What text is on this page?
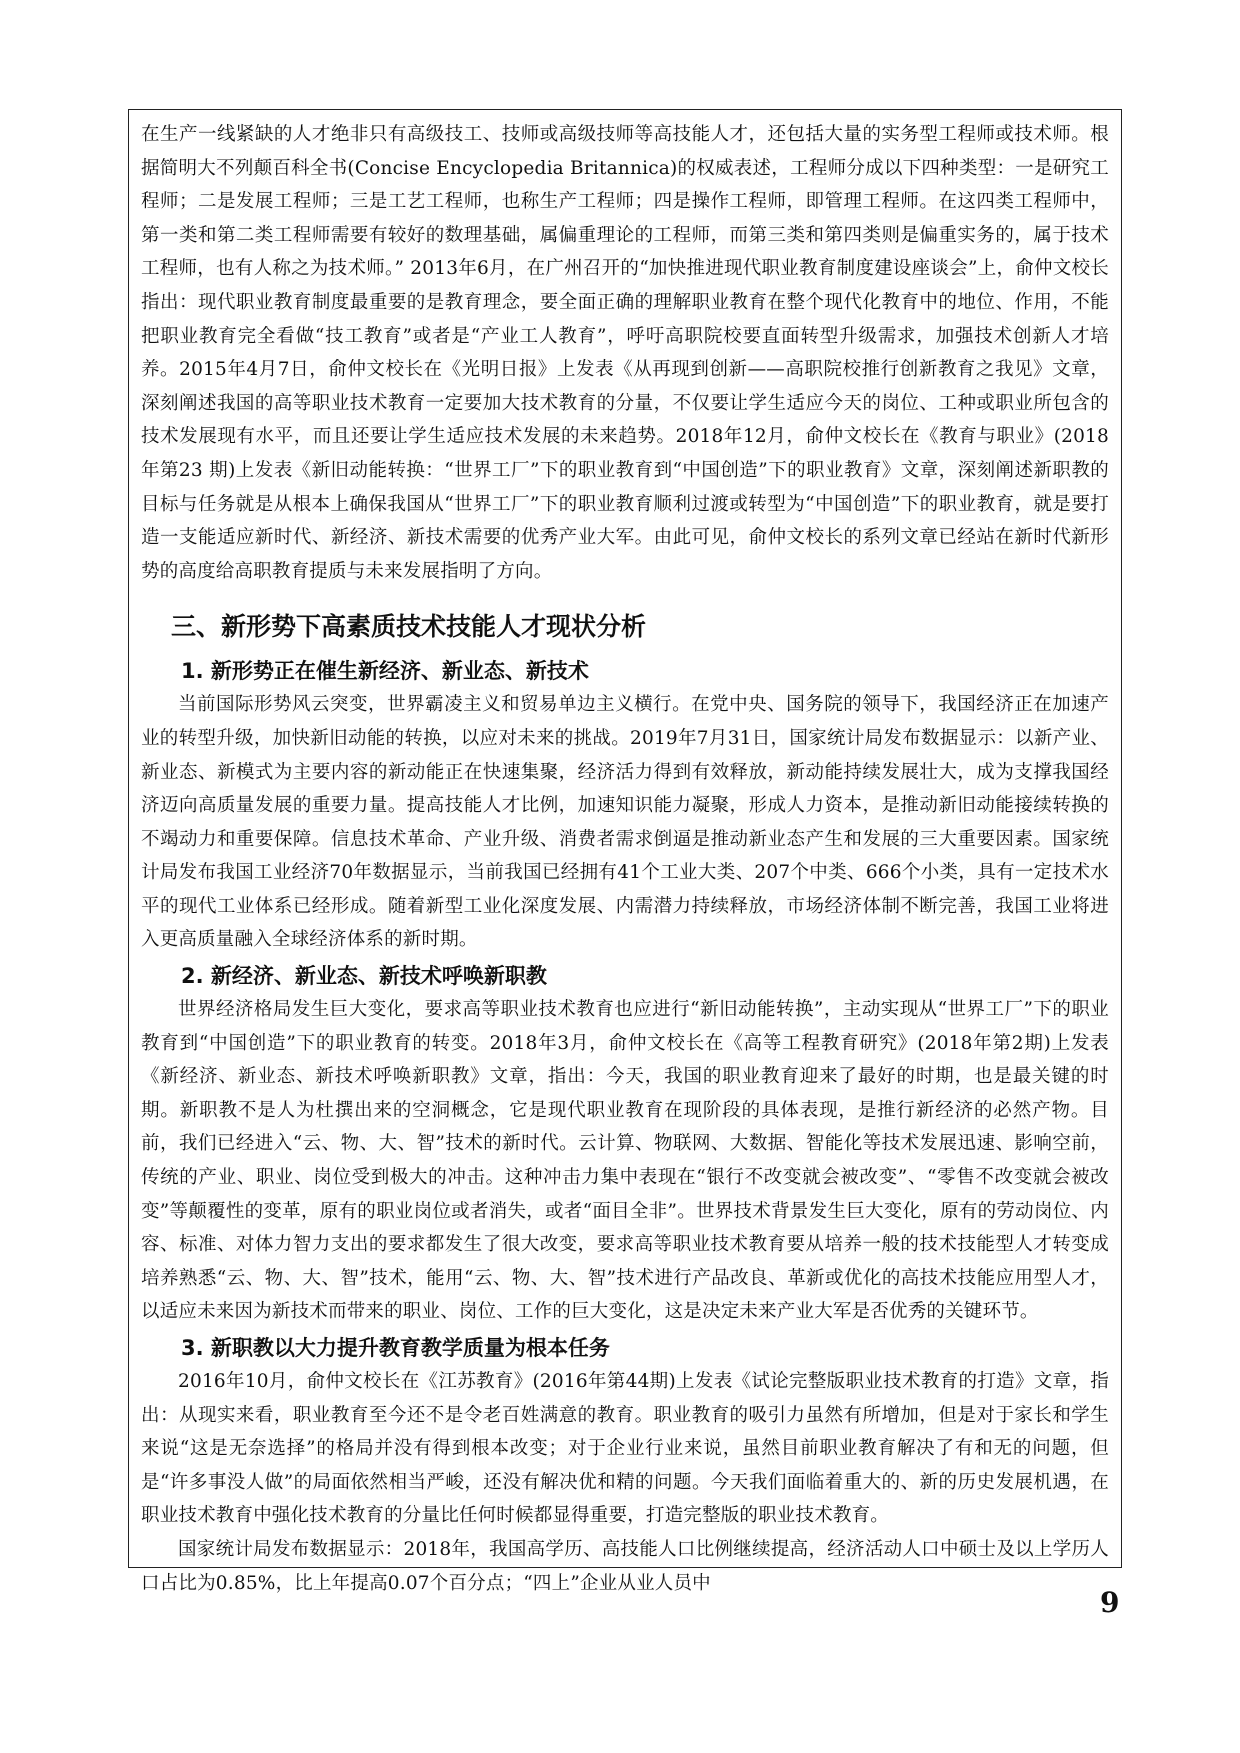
在生产一线紧缺的人才绝非只有高级技工、技师或高级技师等高技能人才，还包括大量的实务型工程师或技术师。根据简明大不列颠百科全书(Concise Encyclopedia Britannica)的权威表述，工程师分成以下四种类型：一是研究工程师；二是发展工程师；三是工艺工程师，也称生产工程师；四是操作工程师，即管理工程师。在这四类工程师中，第一类和第二类工程师需要有较好的数理基础，属偏重理论的工程师，而第三类和第四类则是偏重实务的，属于技术工程师，也有人称之为技术师。” 2013年6月，在广州召开的“加快推进现代职业教育制度建设座谈会”上，俞仲文校长指出：现代职业教育制度最重要的是教育理念，要全面正确的理解职业教育在整个现代化教育中的地位、作用，不能把职业教育完全看做“技工教育”或者是“产业工人教育”，呼吁高职院校要直面转型升级需求，加强技术创新人才培养。2015年4月7日，俞仲文校长在《光明日报》上发表《从再现到创新——高职院校推行创新教育之我见》文章，深刻阐述我国的高等职业技术教育一定要加大技术教育的分量，不仅要让学生适应今天的岗位、工种或职业所包含的技术发展现有水平，而且还要让学生适应技术发展的未来趋势。2018年12月，俞仲文校长在《教育与职业》(2018年第23 期)上发表《新旧动能转换：“世界工厂”下的职业教育到“中国创造”下的职业教育》文章，深刻阐述新职教的目标与任务就是从根本上确保我国从“世界工厂”下的职业教育顺利过渡或转型为“中国创造”下的职业教育，就是要打造一支能适应新时代、新经济、新技术需要的优秀产业大军。由此可见，俞仲文校长的系列文章已经站在新时代新形势的高度给高职教育提质与未来发展指明了方向。

三、新形势下高素质技术技能人才现状分析
1. 新形势正在催生新经济、新业态、新技术

当前国际形势风云突变，世界霸凌主义和贸易单边主义横行。在党中央、国务院的领导下，我国经济正在加速产业的转型升级，加快新旧动能的转换，以应对未来的挑战。2019年7月31日，国家统计局发布数据显示：以新产业、新业态、新模式为主要内容的新动能正在快速集聚，经济活力得到有效释放，新动能持续发展壮大，成为支撑我国经济迈向高质量发展的重要力量。提高技能人才比例，加速知识能力凝聚，形成人力资本，是推动新旧动能接续转换的不竭动力和重要保障。信息技术革命、产业升级、消费者需求倒逼是推动新业态产生和发展的三大重要因素。国家统计局发布我国工业经济70年数据显示，当前我国已经拥有41个工业大类、207个中类、666个小类，具有一定技术水平的现代工业体系已经形成。随着新型工业化深度发展、内需潜力持续释放，市场经济体制不断完善，我国工业将进入更高质量融入全球经济体系的新时期。

2. 新经济、新业态、新技术呼唤新职教

世界经济格局发生巨大变化，要求高等职业技术教育也应进行“新旧动能转换”，主动实现从“世界工厂”下的职业教育到“中国创造”下的职业教育的转变。2018年3月，俞仲文校长在《高等工程教育研究》(2018年第2期)上发表《新经济、新业态、新技术呼唤新职教》文章，指出：今天，我国的职业教育迎来了最好的时期，也是最关键的时期。新职教不是人为杜撰出来的空洞概念，它是现代职业教育在现阶段的具体表现，是推行新经济的必然产物。目前，我们已经进入“云、物、大、智”技术的新时代。云计算、物联网、大数据、智能化等技术发展迅速、影响空前，传统的产业、职业、岗位受到极大的冲击。这种冲击力集中表现在“银行不改变就会被改变”、“零售不改变就会被改变”等颠覆性的变革，原有的职业岗位或者消失，或者“面目全非”。世界技术背景发生巨大变化，原有的劳动岗位、内容、标准、对体力智力支出的要求都发生了很大改变，要求高等职业技术教育要从培养一般的技术技能型人才转变成培养熟悉“云、物、大、智”技术，能用“云、物、大、智”技术进行产品改良、革新或优化的高技术技能应用型人才，以适应未来因为新技术而带来的职业、岗位、工作的巨大变化，这是决定未来产业大军是否优秀的关键环节。

3. 新职教以大力提升教育教学质量为根本任务

2016年10月，俞仲文校长在《江苏教育》(2016年第44期)上发表《试论完整版职业技术教育的打造》文章，指出：从现实来看，职业教育至今还不是令老百姓满意的教育。职业教育的吸引力虽然有所增加，但是对于家长和学生来说“这是无奈选择”的格局并没有得到根本改变；对于企业行业来说，虽然目前职业教育解决了有和无的问题，但是“许多事没人做”的局面依然相当严峻，还没有解决优和精的问题。今天我们面临着重大的、新的历史发展机遇，在职业技术教育中强化技术教育的分量比任何时候都显得重要，打造完整版的职业技术教育。

国家统计局发布数据显示：2018年，我国高学历、高技能人口比例继续提高，经济活动人口中硕士及以上学历人口占比为0.85%，比上年提高0.07个百分点；“四上”企业从业人员中

9
